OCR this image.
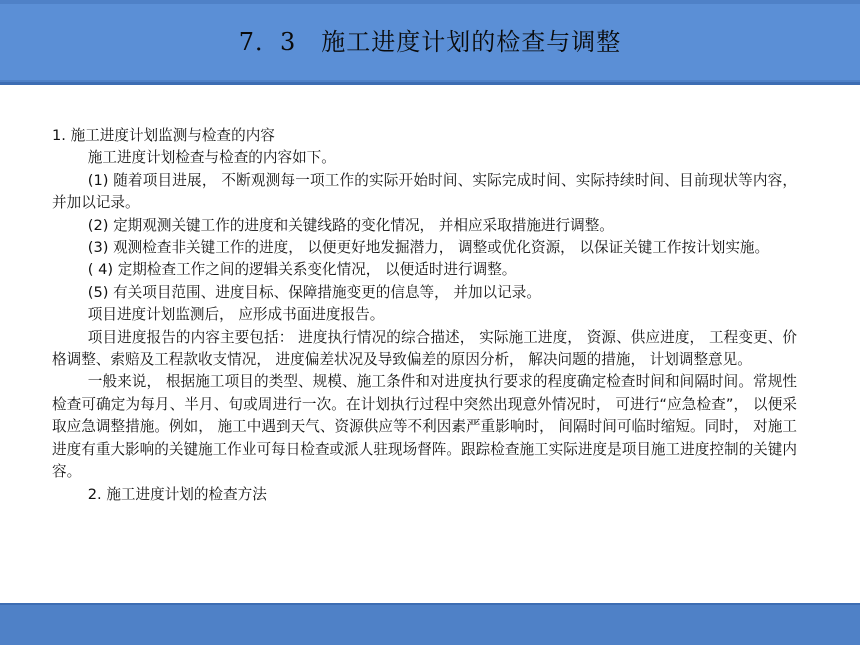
7．3　施工进度计划的检查与调整

1. 施工进度计划监测与检查的内容

施工进度计划检查与检查的内容如下。

(1) 随着项目进展， 不断观测每一项工作的实际开始时间、实际完成时间、实际持续时间、目前现状等内容， 并加以记录。

(2) 定期观测关键工作的进度和关键线路的变化情况， 并相应采取措施进行调整。

(3) 观测检查非关键工作的进度， 以便更好地发掘潜力， 调整或优化资源， 以保证关键工作按计划实施。

( 4) 定期检查工作之间的逻辑关系变化情况， 以便适时进行调整。

(5) 有关项目范围、进度目标、保障措施变更的信息等， 并加以记录。

项目进度计划监测后， 应形成书面进度报告。

项目进度报告的内容主要包括： 进度执行情况的综合描述， 实际施工进度， 资源、供应进度， 工程变更、价格调整、索赔及工程款收支情况， 进度偏差状况及导致偏差的原因分析， 解决问题的措施， 计划调整意见。

一般来说， 根据施工项目的类型、规模、施工条件和对进度执行要求的程度确定检查时间和间隔时间。常规性检查可确定为每月、半月、旬或周进行一次。在计划执行过程中突然出现意外情况时， 可进行“应急检查”， 以便采取应急调整措施。例如， 施工中遇到天气、资源供应等不利因素严重影响时， 间隔时间可临时缩短。同时， 对施工进度有重大影响的关键施工作业可每日检查或派人驻现场督阵。跟踪检查施工实际进度是项目施工进度控制的关键内容。

2. 施工进度计划的检查方法
